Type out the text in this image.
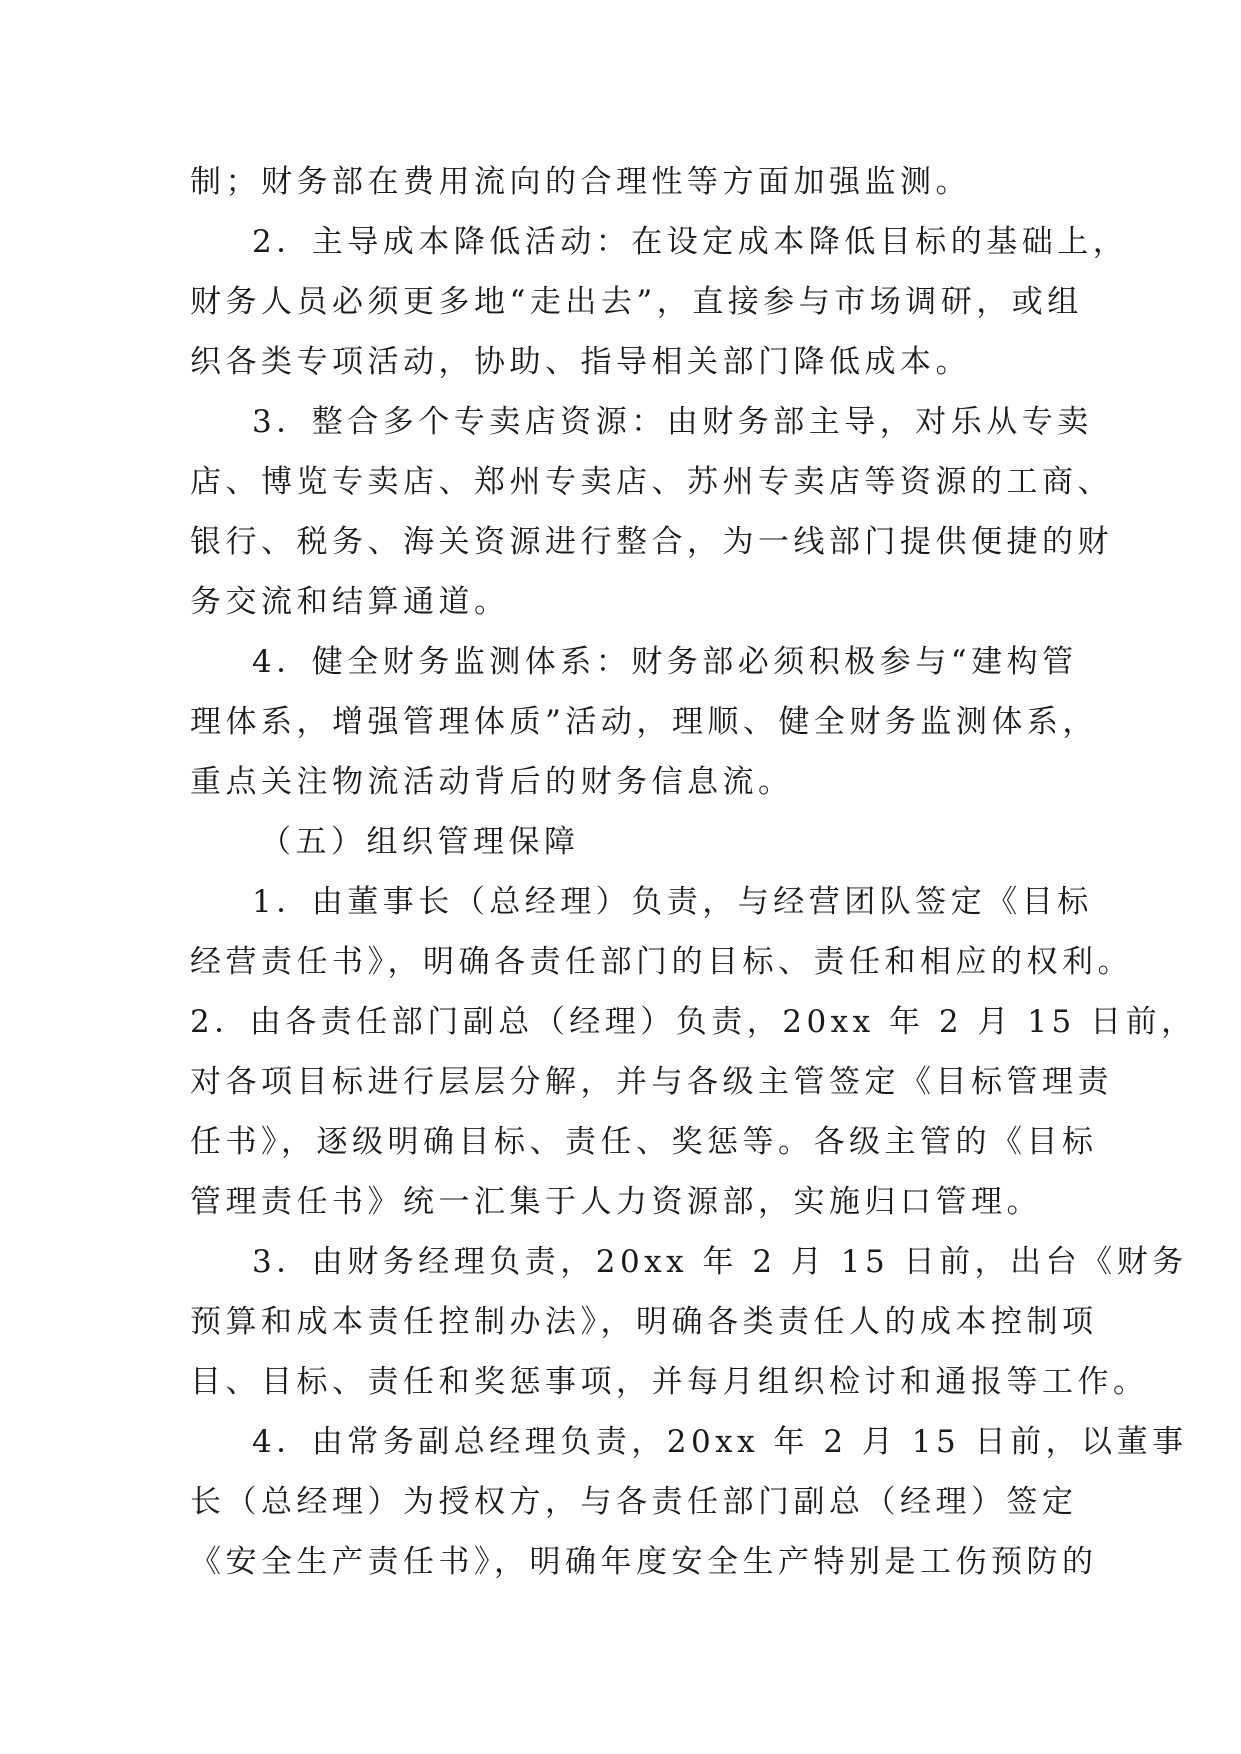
制；财务部在费用流向的合理性等方面加强监测。
2．主导成本降低活动：在设定成本降低目标的基础上，
财务人员必须更多地“走出去”，直接参与市场调研，或组
织各类专项活动，协助、指导相关部门降低成本。
3．整合多个专卖店资源：由财务部主导，对乐从专卖
店、博览专卖店、郑州专卖店、苏州专卖店等资源的工商、
银行、税务、海关资源进行整合，为一线部门提供便捷的财
务交流和结算通道。
4．健全财务监测体系：财务部必须积极参与“建构管
理体系，增强管理体质”活动，理顺、健全财务监测体系，
重点关注物流活动背后的财务信息流。
（五）组织管理保障
1．由董事长（总经理）负责，与经营团队签定《目标
经营责任书》，明确各责任部门的目标、责任和相应的权利。
2．由各责任部门副总（经理）负责，20xx 年 2 月 15 日前，
对各项目标进行层层分解，并与各级主管签定《目标管理责
任书》，逐级明确目标、责任、奖惩等。各级主管的《目标
管理责任书》统一汇集于人力资源部，实施归口管理。
3．由财务经理负责，20xx 年 2 月 15 日前，出台《财务
预算和成本责任控制办法》，明确各类责任人的成本控制项
目、目标、责任和奖惩事项，并每月组织检讨和通报等工作。
4．由常务副总经理负责，20xx 年 2 月 15 日前，以董事
长（总经理）为授权方，与各责任部门副总（经理）签定
《安全生产责任书》，明确年度安全生产特别是工伤预防的
